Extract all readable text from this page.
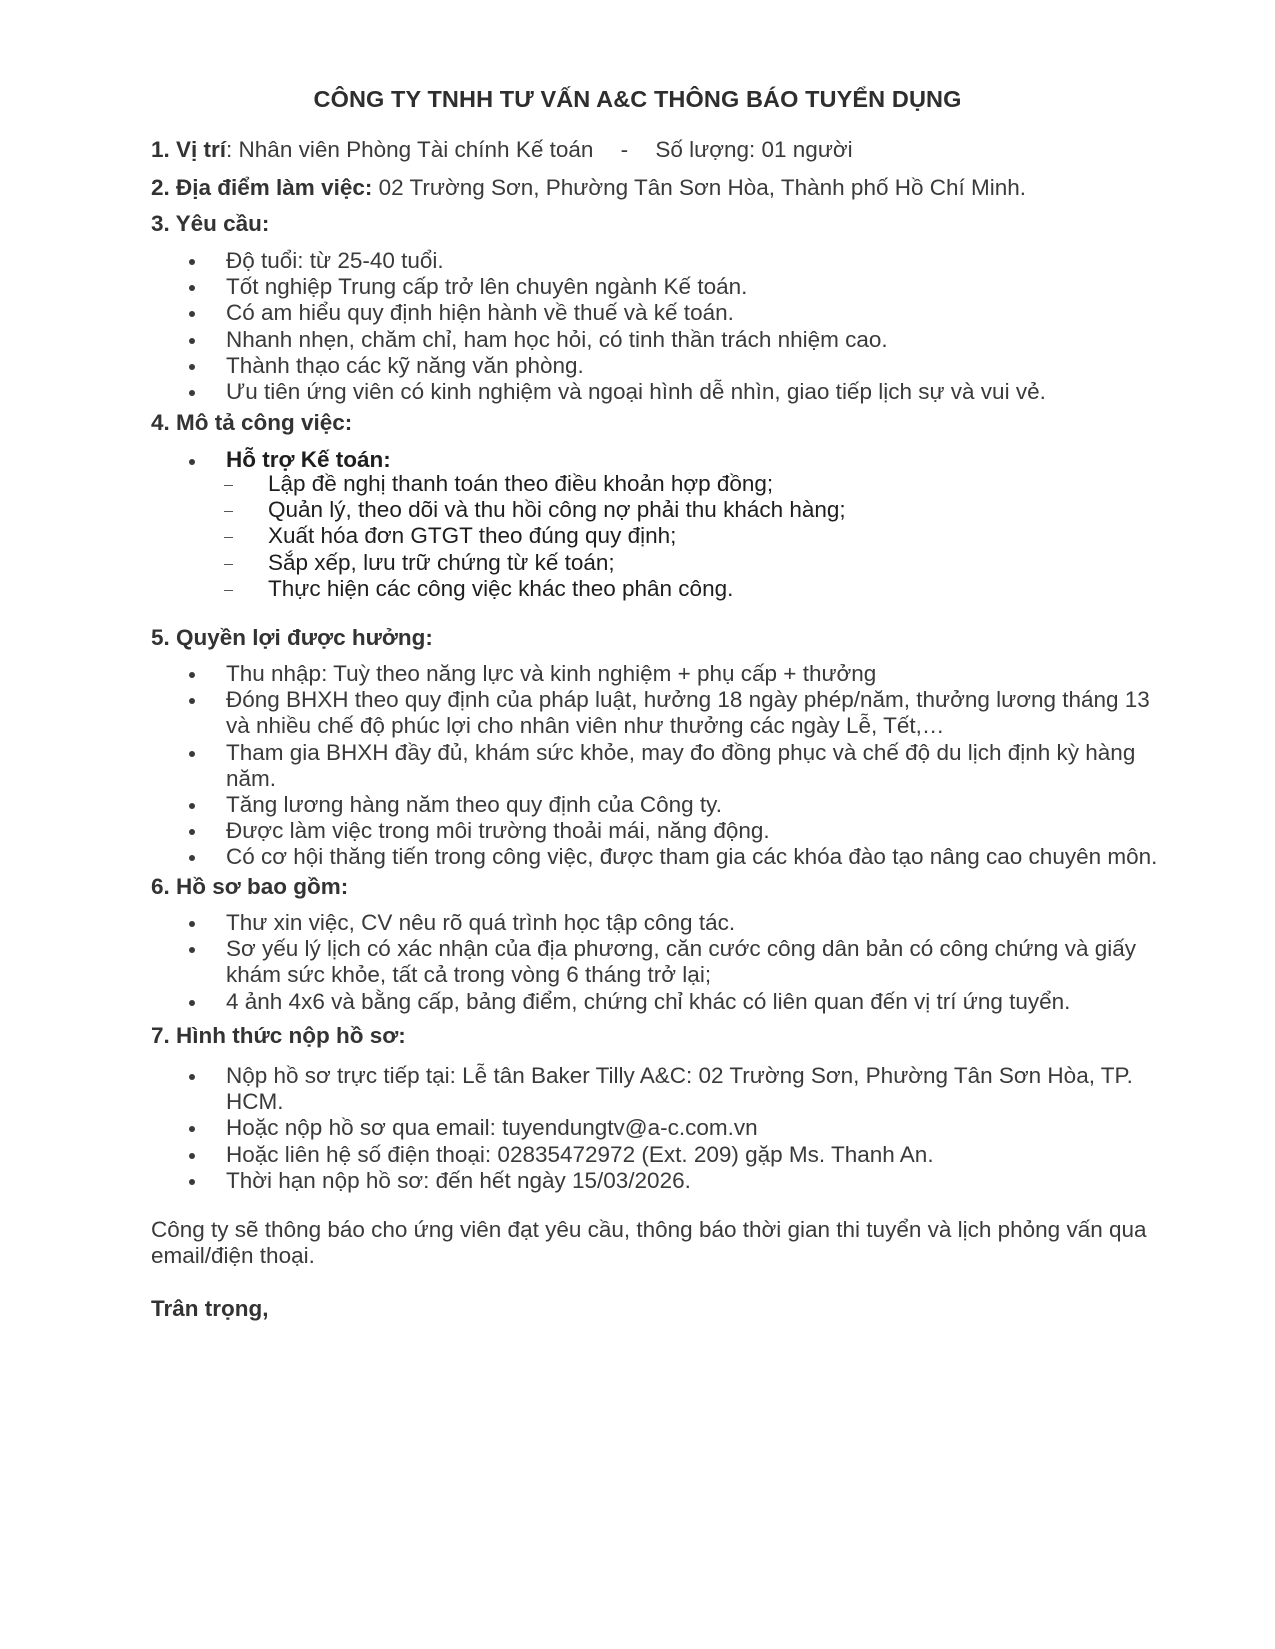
CÔNG TY TNHH TƯ VẤN A&C THÔNG BÁO TUYỂN DỤNG
1. Vị trí: Nhân viên Phòng Tài chính Kế toán - Số lượng: 01 người
2. Địa điểm làm việc: 02 Trường Sơn, Phường Tân Sơn Hòa, Thành phố Hồ Chí Minh.
3. Yêu cầu:
Độ tuổi: từ 25-40 tuổi.
Tốt nghiệp Trung cấp trở lên chuyên ngành Kế toán.
Có am hiểu quy định hiện hành về thuế và kế toán.
Nhanh nhẹn, chăm chỉ, ham học hỏi, có tinh thần trách nhiệm cao.
Thành thạo các kỹ năng văn phòng.
Ưu tiên ứng viên có kinh nghiệm và ngoại hình dễ nhìn, giao tiếp lịch sự và vui vẻ.
4. Mô tả công việc:
Hỗ trợ Kế toán:
Lập đề nghị thanh toán theo điều khoản hợp đồng;
Quản lý, theo dõi và thu hồi công nợ phải thu khách hàng;
Xuất hóa đơn GTGT theo đúng quy định;
Sắp xếp, lưu trữ chứng từ kế toán;
Thực hiện các công việc khác theo phân công.
5. Quyền lợi được hưởng:
Thu nhập: Tuỳ theo năng lực và kinh nghiệm + phụ cấp + thưởng
Đóng BHXH theo quy định của pháp luật, hưởng 18 ngày phép/năm, thưởng lương tháng 13 và nhiều chế độ phúc lợi cho nhân viên như thưởng các ngày Lễ, Tết,…
Tham gia BHXH đầy đủ, khám sức khỏe, may đo đồng phục và chế độ du lịch định kỳ hàng năm.
Tăng lương hàng năm theo quy định của Công ty.
Được làm việc trong môi trường thoải mái, năng động.
Có cơ hội thăng tiến trong công việc, được tham gia các khóa đào tạo nâng cao chuyên môn.
6. Hồ sơ bao gồm:
Thư xin việc, CV nêu rõ quá trình học tập công tác.
Sơ yếu lý lịch có xác nhận của địa phương, căn cước công dân bản có công chứng và giấy khám sức khỏe, tất cả trong vòng 6 tháng trở lại;
4 ảnh 4x6 và bằng cấp, bảng điểm, chứng chỉ khác có liên quan đến vị trí ứng tuyển.
7. Hình thức nộp hồ sơ:
Nộp hồ sơ trực tiếp tại: Lễ tân Baker Tilly A&C: 02 Trường Sơn, Phường Tân Sơn Hòa, TP. HCM.
Hoặc nộp hồ sơ qua email: tuyendungtv@a-c.com.vn
Hoặc liên hệ số điện thoại: 02835472972 (Ext. 209) gặp Ms. Thanh An.
Thời hạn nộp hồ sơ: đến hết ngày 15/03/2026.
Công ty sẽ thông báo cho ứng viên đạt yêu cầu, thông báo thời gian thi tuyển và lịch phỏng vấn qua email/điện thoại.
Trân trọng,
